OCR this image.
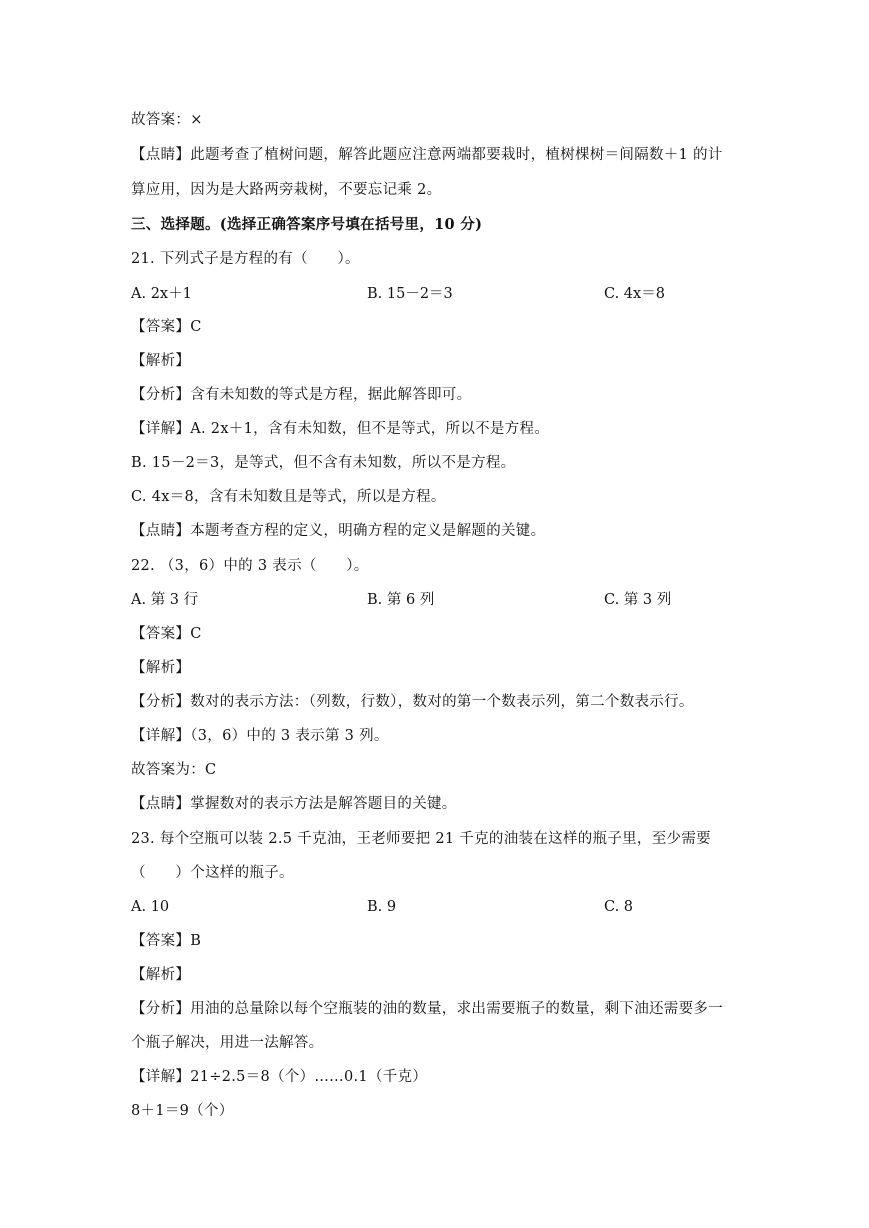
故答案：×
【点睛】此题考查了植树问题，解答此题应注意两端都要栽时，植树棵树＝间隔数＋1 的计
算应用，因为是大路两旁栽树，不要忘记乘 2。
三、选择题。(选择正确答案序号填在括号里，10 分)
21. 下列式子是方程的有（　　）。
A. 2x＋1	B. 15－2＝3	C. 4x＝8
【答案】C
【解析】
【分析】含有未知数的等式是方程，据此解答即可。
【详解】A. 2x＋1，含有未知数，但不是等式，所以不是方程。
B. 15－2＝3，是等式，但不含有未知数，所以不是方程。
C. 4x＝8，含有未知数且是等式，所以是方程。
【点睛】本题考查方程的定义，明确方程的定义是解题的关键。
22. （3，6）中的 3 表示（　　）。
A. 第 3 行	B. 第 6 列	C. 第 3 列
【答案】C
【解析】
【分析】数对的表示方法：（列数，行数），数对的第一个数表示列，第二个数表示行。
【详解】（3，6）中的 3 表示第 3 列。
故答案为：C
【点睛】掌握数对的表示方法是解答题目的关键。
23. 每个空瓶可以装 2.5 千克油，王老师要把 21 千克的油装在这样的瓶子里，至少需要
（　　）个这样的瓶子。
A. 10	B. 9	C. 8
【答案】B
【解析】
【分析】用油的总量除以每个空瓶装的油的数量，求出需要瓶子的数量，剩下油还需要多一
个瓶子解决，用进一法解答。
【详解】21÷2.5＝8（个）……0.1（千克）
8＋1＝9（个）
